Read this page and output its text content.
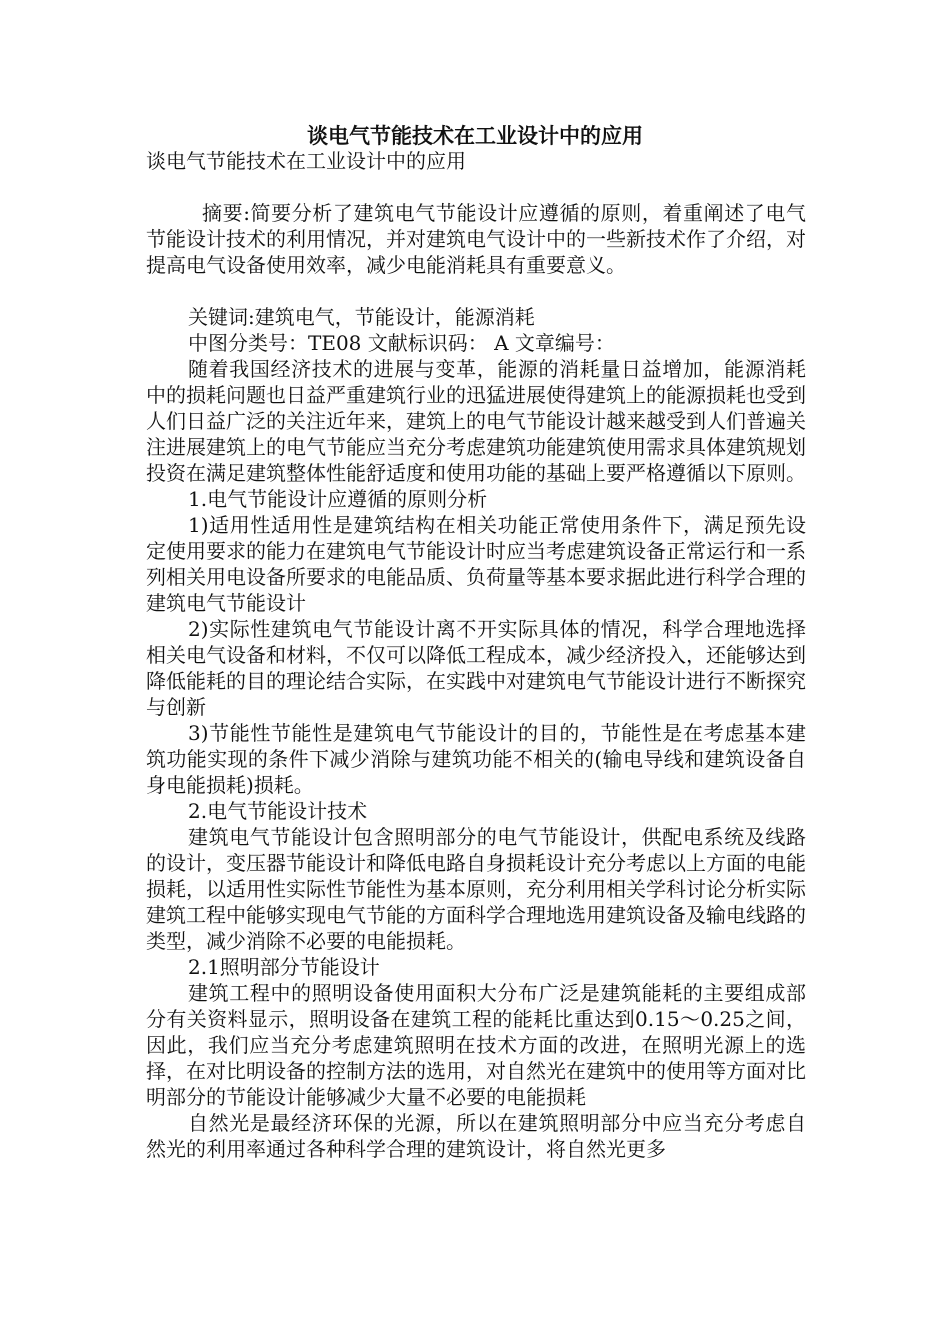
谈电气节能技术在工业设计中的应用

谈电气节能技术在工业设计中的应用

摘要:简要分析了建筑电气节能设计应遵循的原则，着重阐述了电气节能设计技术的利用情况，并对建筑电气设计中的一些新技术作了介绍，对提高电气设备使用效率，减少电能消耗具有重要意义。

关键词:建筑电气，节能设计，能源消耗

中图分类号：TE08 文献标识码： A 文章编号：

随着我国经济技术的进展与变革，能源的消耗量日益增加，能源消耗中的损耗问题也日益严重建筑行业的迅猛进展使得建筑上的能源损耗也受到人们日益广泛的关注近年来，建筑上的电气节能设计越来越受到人们普遍关注进展建筑上的电气节能应当充分考虑建筑功能建筑使用需求具体建筑规划投资在满足建筑整体性能舒适度和使用功能的基础上要严格遵循以下原则。

1.电气节能设计应遵循的原则分析

1)适用性适用性是建筑结构在相关功能正常使用条件下，满足预先设定使用要求的能力在建筑电气节能设计时应当考虑建筑设备正常运行和一系列相关用电设备所要求的电能品质、负荷量等基本要求据此进行科学合理的建筑电气节能设计

2)实际性建筑电气节能设计离不开实际具体的情况，科学合理地选择相关电气设备和材料，不仅可以降低工程成本，减少经济投入，还能够达到降低能耗的目的理论结合实际，在实践中对建筑电气节能设计进行不断探究与创新

3)节能性节能性是建筑电气节能设计的目的，节能性是在考虑基本建筑功能实现的条件下减少消除与建筑功能不相关的(输电导线和建筑设备自身电能损耗)损耗。

2.电气节能设计技术

建筑电气节能设计包含照明部分的电气节能设计，供配电系统及线路的设计，变压器节能设计和降低电路自身损耗设计充分考虑以上方面的电能损耗，以适用性实际性节能性为基本原则，充分利用相关学科讨论分析实际建筑工程中能够实现电气节能的方面科学合理地选用建筑设备及输电线路的类型，减少消除不必要的电能损耗。

2.1照明部分节能设计

建筑工程中的照明设备使用面积大分布广泛是建筑能耗的主要组成部分有关资料显示，照明设备在建筑工程的能耗比重达到0.15～0.25之间，因此，我们应当充分考虑建筑照明在技术方面的改进，在照明光源上的选择，在对比明设备的控制方法的选用，对自然光在建筑中的使用等方面对比明部分的节能设计能够减少大量不必要的电能损耗

自然光是最经济环保的光源，所以在建筑照明部分中应当充分考虑自然光的利用率通过各种科学合理的建筑设计，将自然光更多
